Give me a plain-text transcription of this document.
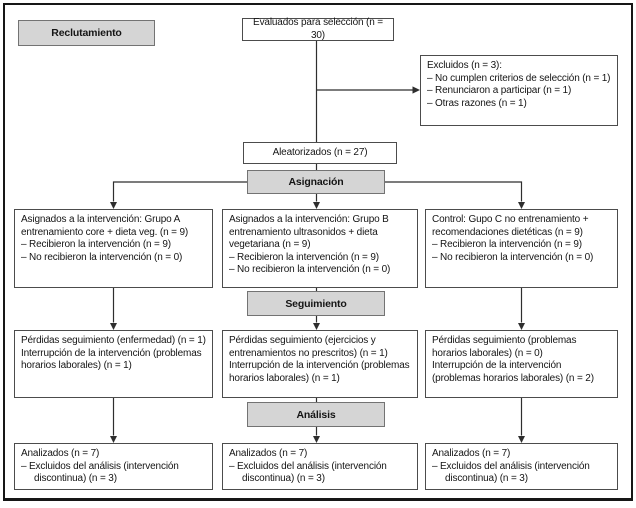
Reclutamiento
Evaluados para selección (n = 30)
Excluidos (n = 3):
– No cumplen criterios de selección (n = 1)
– Renunciaron a participar (n = 1)
– Otras razones (n = 1)
Aleatorizados (n = 27)
Asignación
Asignados a la intervención: Grupo A entrenamiento core + dieta veg. (n = 9)
– Recibieron la intervención (n = 9)
– No recibieron la intervención (n = 0)
Asignados a la intervención: Grupo B entrenamiento ultrasonidos + dieta vegetariana (n = 9)
– Recibieron la intervención (n = 9)
– No recibieron la intervención (n = 0)
Control: Gupo C no entrenamiento + recomendaciones dietéticas (n = 9)
– Recibieron la intervención (n = 9)
– No recibieron la intervención (n = 0)
Seguimiento
Pérdidas seguimiento (enfermedad) (n = 1)
Interrupción de la intervención (problemas horarios laborales) (n = 1)
Pérdidas seguimiento (ejercicios y entrenamientos no prescritos) (n = 1)
Interrupción de la intervención (problemas horarios laborales) (n = 1)
Pérdidas seguimiento (problemas horarios laborales) (n = 0)
Interrupción de la intervención (problemas horarios laborales) (n = 2)
Análisis
Analizados (n = 7)
– Excluidos del análisis (intervención discontinua) (n = 3)
Analizados (n = 7)
– Excluidos del análisis (intervención discontinua) (n = 3)
Analizados (n = 7)
– Excluidos del análisis (intervención discontinua) (n = 3)
